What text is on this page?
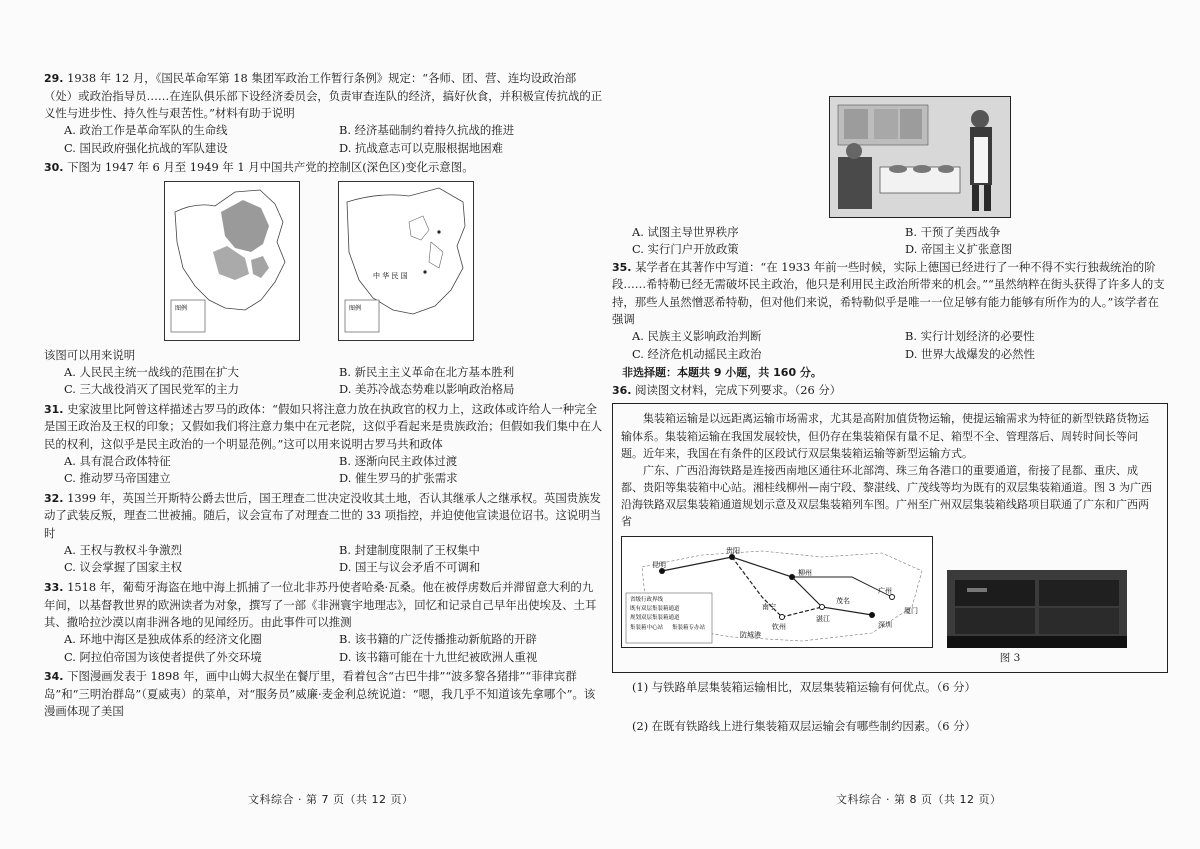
29. 1938 年 12 月，《国民革命军第 18 集团军政治工作暂行条例》规定：“各师、团、营、连均设政治部（处）或政治指导员……在连队俱乐部下设经济委员会，负责审查连队的经济，搞好伙食，并积极宣传抗战的正义性与进步性、持久性与艰苦性。”材料有助于说明
A. 政治工作是革命军队的生命线	B. 经济基础制约着持久抗战的推进
C. 国民政府强化抗战的军队建设	D. 抗战意志可以克服根据地困难
30. 下图为 1947 年 6 月至 1949 年 1 月中国共产党的控制区(深色区)变化示意图。
图例
中 华 民 国
图例
该图可以用来说明
A. 人民民主统一战线的范围在扩大	B. 新民主主义革命在北方基本胜利
C. 三大战役消灭了国民党军的主力	D. 美苏冷战态势难以影响政治格局
31. 史家波里比阿曾这样描述古罗马的政体：“假如只将注意力放在执政官的权力上，这政体或许给人一种完全是国王政治及王权的印象；又假如我们将注意力集中在元老院，这似乎看起来是贵族政治；但假如我们集中在人民的权利，这似乎是民主政治的一个明显范例。”这可以用来说明古罗马共和政体
A. 具有混合政体特征	B. 逐渐向民主政体过渡
C. 推动罗马帝国建立	D. 催生罗马的扩张需求
32. 1399 年，英国兰开斯特公爵去世后，国王理查二世决定没收其土地，否认其继承人之继承权。英国贵族发动了武装反叛，理查二世被捕。随后，议会宣布了对理查二世的 33 项指控，并迫使他宣读退位诏书。这说明当时
A. 王权与教权斗争激烈	B. 封建制度限制了王权集中
C. 议会掌握了国家主权	D. 国王与议会矛盾不可调和
33. 1518 年，葡萄牙海盗在地中海上抓捕了一位北非苏丹使者哈桑·瓦桑。他在被俘虏数后并滞留意大利的九年间，以基督教世界的欧洲读者为对象，撰写了一部《非洲寰宇地理志》，回忆和记录自己早年出使埃及、土耳其、撒哈拉沙漠以南非洲各地的见闻经历。由此事件可以推测
A. 环地中海区是独成体系的经济文化圈	B. 该书籍的广泛传播推动新航路的开辟
C. 阿拉伯帝国为该使者提供了外交环境	D. 该书籍可能在十九世纪被欧洲人重视
34. 下图漫画发表于 1898 年，画中山姆大叔坐在餐厅里，看着包含“古巴牛排”“波多黎各猪排”“菲律宾群岛”和“三明治群岛”（夏威夷）的菜单，对“服务员”威廉·麦金利总统说道：“嗯，我几乎不知道该先拿哪个”。该漫画体现了美国
文科综合 · 第 7 页（共 12 页）
A. 试图主导世界秩序	B. 干预了美西战争
C. 实行门户开放政策	D. 帝国主义扩张意图
35. 某学者在其著作中写道：“在 1933 年前一些时候，实际上德国已经进行了一种不得不实行独裁统治的阶段……希特勒已经无需破坏民主政治，他只是利用民主政治所带来的机会。”“虽然纳粹在街头获得了许多人的支持，那些人虽然憎恶希特勒，但对他们来说，希特勒似乎是唯一一位足够有能力能够有所作为的人。”该学者在强调
A. 民族主义影响政治判断	B. 实行计划经济的必要性
C. 经济危机动摇民主政治	D. 世界大战爆发的必然性
非选择题：本题共 9 小题，共 160 分。
36. 阅读图文材料，完成下列要求。（26 分）

集装箱运输是以远距离运输市场需求，尤其是高附加值货物运输，使提运输需求为特征的新型铁路货物运输体系。集装箱运输在我国发展较快，但仍存在集装箱保有量不足、箱型不全、管理落后、周转时间长等问题。近年来，我国在有条件的区段试行双层集装箱运输等新型运输方式。

广东、广西沿海铁路是连接西南地区通往环北部湾、珠三角各港口的重要通道，衔接了昆都、重庆、成都、贵阳等集装箱中心站。湘桂线柳州—南宁段、黎湛线、广茂线等均为既有的双层集装箱通道。图 3 为广西沿海铁路双层集装箱通道规划示意及双层集装箱列车图。广州至广州双层集装箱线路项目联通了广东和广西两省

昆明
贵阳
柳州
南宁
钦州
防城港
湛江
茂名
广州
深圳
厦门
省级行政界线
既有双层集装箱通道
规划双层集装箱通道
集装箱中心站 集装箱专办站
图 3
(1) 与铁路单层集装箱运输相比，双层集装箱运输有何优点。（6 分）
(2) 在既有铁路线上进行集装箱双层运输会有哪些制约因素。（6 分）
文科综合 · 第 8 页（共 12 页）
